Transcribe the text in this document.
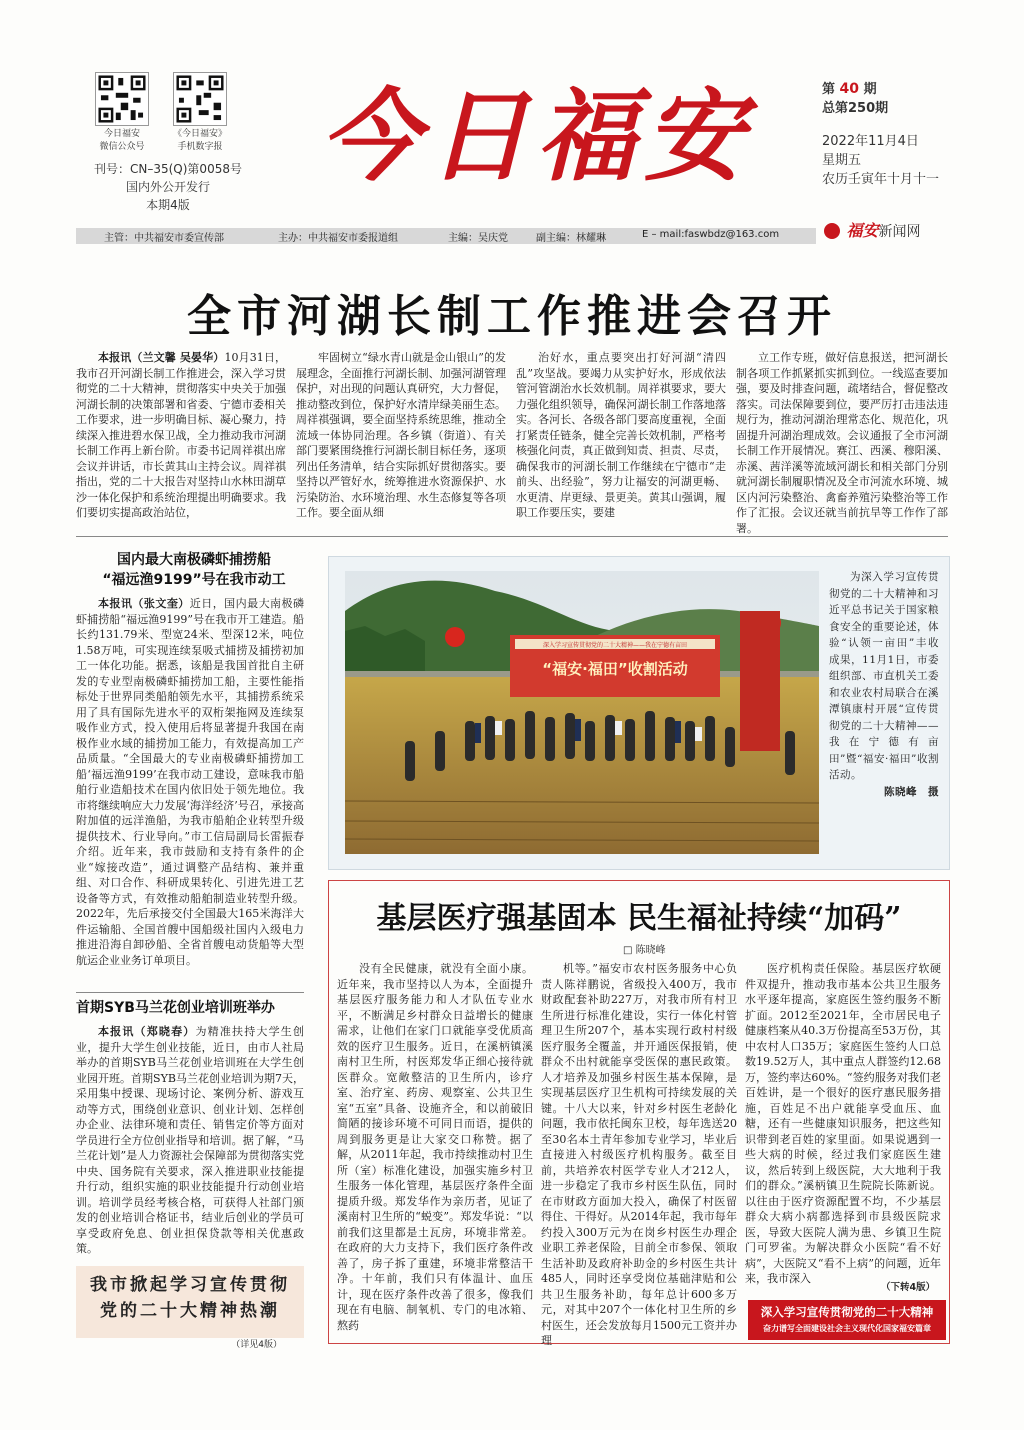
今日福安
微信公众号
《今日福安》
手机数字报
刊号：CN–35(Q)第0058号
国内外公开发行
本期4版
今日福安	第 40 期
总第250期
2022年11月4日
星期五
农历壬寅年十月十一
主管：中共福安市委宣传部	主办：中共福安市委报道组	主编：吴庆党	副主编：林耀琳	E – mail:faswbdz@163.com	福安新闻网
全市河湖长制工作推进会召开

本报讯（兰文馨 吴晏华）10月31日，我市召开河湖长制工作推进会，深入学习贯彻党的二十大精神，贯彻落实中央关于加强河湖长制的决策部署和省委、宁德市委相关工作要求，进一步明确目标、凝心聚力，持续深入推进碧水保卫战，全力推动我市河湖长制工作再上新台阶。市委书记周祥祺出席会议并讲话，市长黄其山主持会议。周祥祺指出，党的二十大报告对坚持山水林田湖草沙一体化保护和系统治理提出明确要求。我们要切实提高政治站位，

牢固树立“绿水青山就是金山银山”的发展理念，全面推行河湖长制、加强河湖管理保护，对出现的问题认真研究，大力督促，推动整改到位，保护好水清岸绿美丽生态。周祥祺强调，要全面坚持系统思维，推动全流域一体协同治理。各乡镇（街道）、有关部门要紧围绕推行河湖长制目标任务，逐项列出任务清单，结合实际抓好贯彻落实。要坚持以严管好水，统筹推进水资源保护、水污染防治、水环境治理、水生态修复等各项工作。要全面从细

治好水，重点要突出打好河湖“清四乱”攻坚战。要竭力从实护好水，形成依法管河管湖治水长效机制。周祥祺要求，要大力强化组织领导，确保河湖长制工作落地落实。各河长、各级各部门要高度重视，全面打紧责任链条，健全完善长效机制，严格考核强化问责，真正做到知责、担责、尽责，确保我市的河湖长制工作继续在宁德市“走前头、出经验”，努力让福安的河湖更畅、水更清、岸更绿、景更美。黄其山强调，履职工作要压实，要建

立工作专班，做好信息报送，把河湖长制各项工作抓紧抓实抓到位。一线巡查要加强，要及时排查问题，疏堵结合，督促整改落实。司法保障要到位，要严厉打击违法违规行为，推动河湖治理常态化、规范化，巩固提升河湖治理成效。会议通报了全市河湖长制工作开展情况。赛江、西溪、穆阳溪、赤溪、茜洋溪等流域河湖长和相关部门分别就河湖长制履职情况及全市河流水环境、城区内河污染整治、禽畜养殖污染整治等工作作了汇报。会议还就当前抗旱等工作作了部署。

国内最大南极磷虾捕捞船
“福远渔9199”号在我市动工

本报讯（张文奎）近日，国内最大南极磷虾捕捞船“福远渔9199”号在我市开工建造。船长约131.79米、型宽24米、型深12米，吨位1.58万吨，可实现连续泵吸式捕捞及捕捞初加工一体化功能。据悉，该船是我国首批自主研发的专业型南极磷虾捕捞加工船，主要性能指标处于世界同类船舶领先水平，其捕捞系统采用了具有国际先进水平的双桁架拖网及连续泵吸作业方式，投入使用后将显著提升我国在南极作业水域的捕捞加工能力，有效提高加工产品质量。“全国最大的专业南极磷虾捕捞加工船‘福远渔9199’在我市动工建设，意味我市船舶行业造船技术在国内依旧处于领先地位。我市将继续响应大力发展‘海洋经济’号召，承接高附加值的远洋渔船，为我市船舶企业转型升级提供技术、行业导向。”市工信局副局长雷振春介绍。近年来，我市鼓励和支持有条件的企业“嫁接改造”，通过调整产品结构、兼并重组、对口合作、科研成果转化、引进先进工艺设备等方式，有效推动船舶制造业转型升级。2022年，先后承接交付全国最大165米海洋大件运输船、全国首艘中国船级社国内入级电力推进沿海自卸砂船、全省首艘电动货船等大型航运企业业务订单项目。

首期SYB马兰花创业培训班举办

本报讯（郑晓春）为精准扶持大学生创业，提升大学生创业技能，近日，由市人社局举办的首期SYB马兰花创业培训班在大学生创业园开班。首期SYB马兰花创业培训为期7天，采用集中授课、现场讨论、案例分析、游戏互动等方式，围绕创业意识、创业计划、怎样创办企业、法律环境和责任、销售定价等方面对学员进行全方位创业指导和培训。据了解，“马兰花计划”是人力资源社会保障部为贯彻落实党中央、国务院有关要求，深入推进职业技能提升行动，组织实施的职业技能提升行动创业培训。培训学员经考核合格，可获得人社部门颁发的创业培训合格证书，结业后创业的学员可享受政府免息、创业担保贷款等相关优惠政策。

我市掀起学习宣传贯彻
党的二十大精神热潮
（详见4版）
深入学习宣传贯彻党的二十大精神——我在宁德有亩田
“福安·福田”收割活动
为深入学习宣传贯彻党的二十大精神和习近平总书记关于国家粮食安全的重要论述，体验“认领一亩田”丰收成果，11月1日，市委组织部、市直机关工委和农业农村局联合在溪潭镇康村开展“宣传贯彻党的二十大精神——我在宁德有亩田”暨“福安·福田”收割活动。
陈晓峰　摄
基层医疗强基固本 民生福祉持续“加码”
□ 陈晓峰

没有全民健康，就没有全面小康。近年来，我市坚持以人为本，全面提升基层医疗服务能力和人才队伍专业水平，不断满足乡村群众日益增长的健康需求，让他们在家门口就能享受优质高效的医疗卫生服务。近日，在溪柄镇溪南村卫生所，村医郑发华正细心接待就医群众。宽敞整洁的卫生所内，诊疗室、治疗室、药房、观察室、公共卫生室“五室”具备、设施齐全，和以前破旧简陋的接诊环境不可同日而语，提供的周到服务更是让大家交口称赞。据了解，从2011年起，我市持续推动村卫生所（室）标准化建设，加强实施乡村卫生服务一体化管理，基层医疗条件全面提质升级。郑发华作为亲历者，见证了溪南村卫生所的“蜕变”。郑发华说：“以前我们这里都是土瓦房，环境非常差。在政府的大力支持下，我们医疗条件改善了，房子拆了重建，环境非常整洁干净。十年前，我们只有体温计、血压计，现在医疗条件改善了很多，像我们现在有电脑、制氧机、专门的电冰箱、熬药

机等。”福安市农村医务服务中心负责人陈祥鹏说，省级投入400万，我市财政配套补助227万，对我市所有村卫生所进行标准化建设，实行一体化村管理卫生所207个，基本实现行政村村级医疗服务全覆盖，并开通医保报销，使群众不出村就能享受医保的惠民政策。人才培养及加强乡村医生基本保障，是实现基层医疗卫生机构可持续发展的关键。十八大以来，针对乡村医生老龄化问题，我市依托闽东卫校，每年选送20至30名本土青年参加专业学习，毕业后直接进入村级医疗机构服务。截至目前，共培养农村医学专业人才212人，进一步稳定了我市乡村医生队伍，同时在市财政方面加大投入，确保了村医留得住、干得好。从2014年起，我市每年约投入300万元为在岗乡村医生办理企业职工养老保险，目前全市参保、领取生活补助及政府补助金的乡村医生共计485人，同时还享受岗位基础津贴和公共卫生服务补助，每年总计600多万元，对其中207个一体化村卫生所的乡村医生，还会发放每月1500元工资并办理

医疗机构责任保险。基层医疗软硬件双提升，推动我市基本公共卫生服务水平逐年提高，家庭医生签约服务不断扩面。2012至2021年，全市居民电子健康档案从40.3万份提高至53万份，其中农村人口35万；家庭医生签约人口总数19.52万人，其中重点人群签约12.68万，签约率达60%。“签约服务对我们老百姓讲，是一个很好的医疗惠民服务措施，百姓足不出户就能享受血压、血糖，还有一些健康知识服务，把这些知识带到老百姓的家里面。如果说遇到一些大病的时候，经过我们家庭医生建议，然后转到上级医院，大大地利于我们的群众。”溪柄镇卫生院院长陈新说。以往由于医疗资源配置不均，不少基层群众大病小病都选择到市县级医院求医，导致大医院人满为患、乡镇卫生院门可罗雀。为解决群众小医院“看不好病”，大医院又“看不上病”的问题，近年来，我市深入

（下转4版）
深入学习宣传贯彻党的二十大精神
奋力谱写全面建设社会主义现代化国家福安篇章
